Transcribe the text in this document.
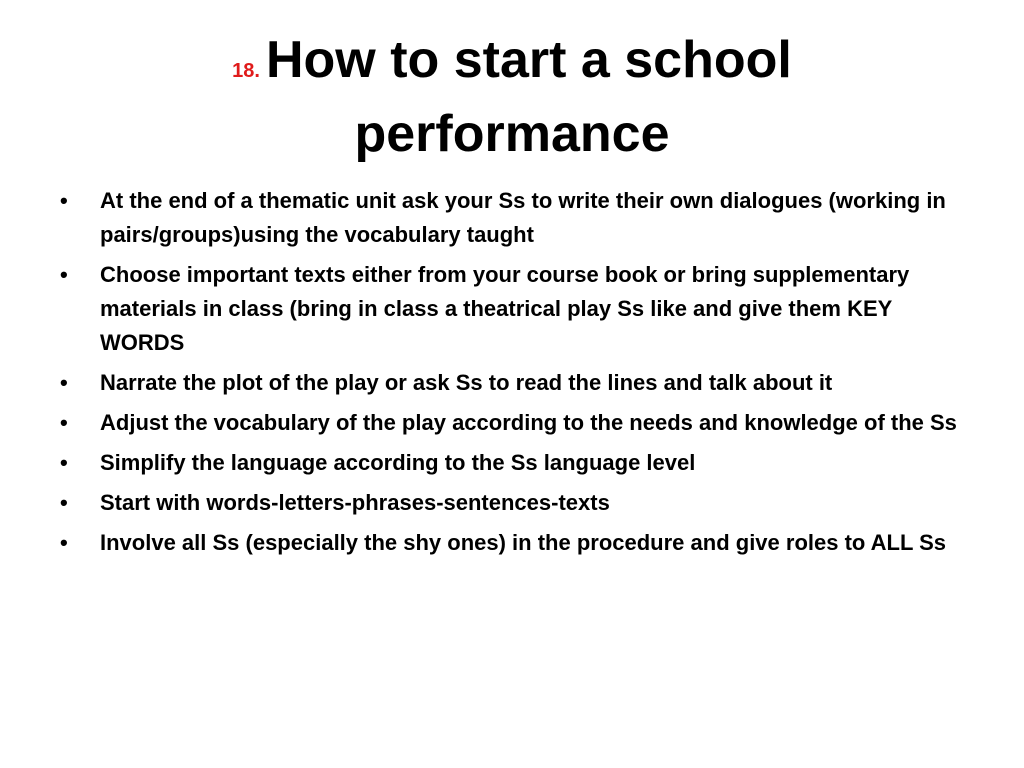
18. How to start a school performance
•	At the end of a thematic unit ask your Ss to write their own dialogues (working in pairs/groups)using the vocabulary taught
•	Choose important texts either from your course book or bring supplementary materials in class (bring in class a theatrical play Ss like and give them KEY WORDS
•	Narrate the plot of the play or ask Ss to read the lines and talk about it
•	Adjust the vocabulary of the play according to the needs and knowledge of the Ss
•	Simplify the language according to the Ss language level
•	Start with words-letters-phrases-sentences-texts
•	Involve all Ss (especially the shy ones) in the procedure and give roles to ALL Ss
